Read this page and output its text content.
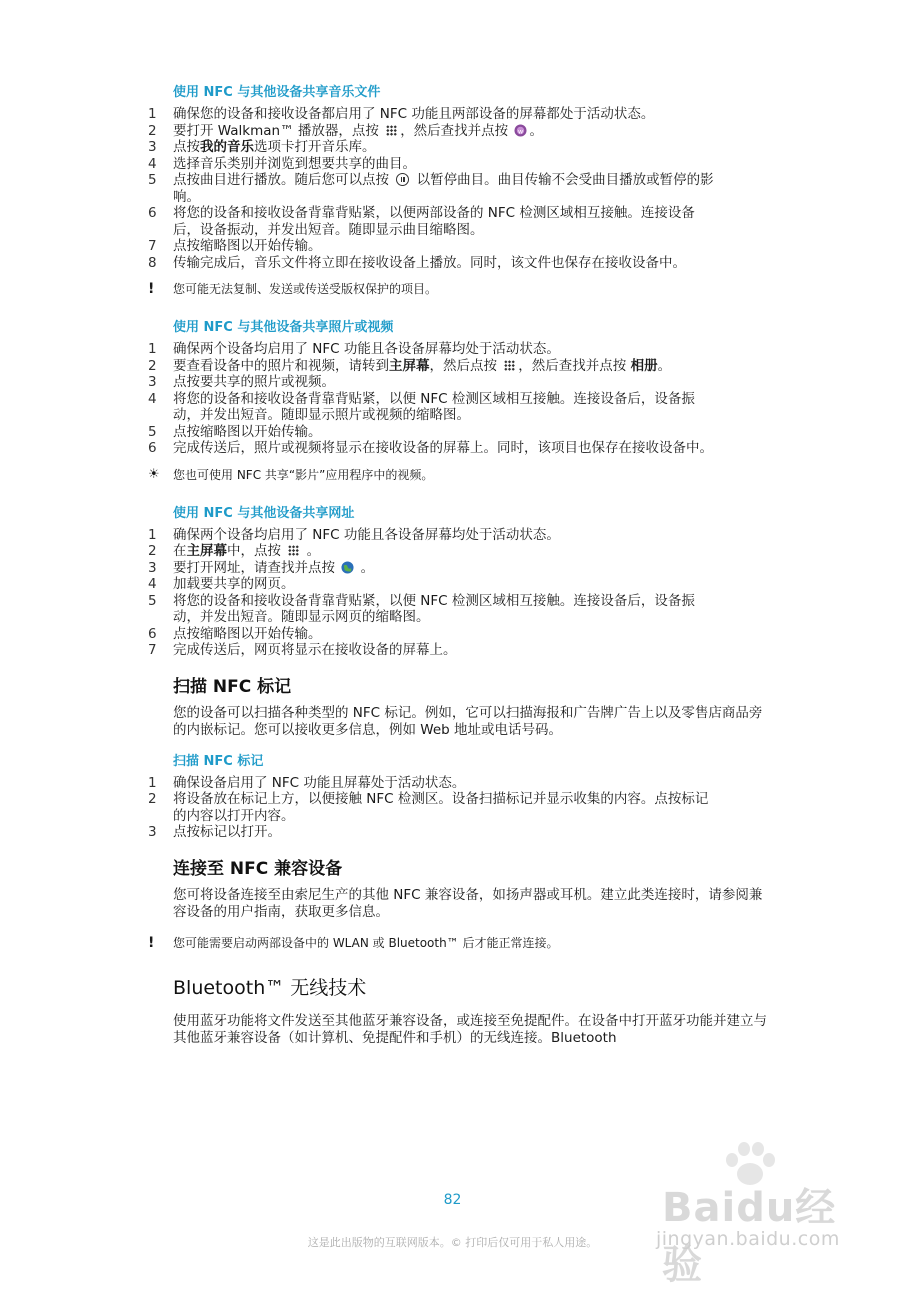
使用 NFC 与其他设备共享音乐文件
1	确保您的设备和接收设备都启用了 NFC 功能且两部设备的屏幕都处于活动状态。
2	要打开 Walkman™ 播放器，点按 ，然后查找并点按 w 。
3	点按我的音乐选项卡打开音乐库。
4	选择音乐类别并浏览到想要共享的曲目。
5	点按曲目进行播放。随后您可以点按  以暂停曲目。曲目传输不会受曲目播放或暂停的影响。
6	将您的设备和接收设备背靠背贴紧，以便两部设备的 NFC 检测区域相互接触。连接设备后，设备振动，并发出短音。随即显示曲目缩略图。
7	点按缩略图以开始传输。
8	传输完成后，音乐文件将立即在接收设备上播放。同时，该文件也保存在接收设备中。
!	您可能无法复制、发送或传送受版权保护的项目。
使用 NFC 与其他设备共享照片或视频
1	确保两个设备均启用了 NFC 功能且各设备屏幕均处于活动状态。
2	要查看设备中的照片和视频，请转到主屏幕，然后点按 ，然后查找并点按 相册。
3	点按要共享的照片或视频。
4	将您的设备和接收设备背靠背贴紧，以便 NFC 检测区域相互接触。连接设备后，设备振动，并发出短音。随即显示照片或视频的缩略图。
5	点按缩略图以开始传输。
6	完成传送后，照片或视频将显示在接收设备的屏幕上。同时，该项目也保存在接收设备中。
☀	您也可使用 NFC 共享“影片”应用程序中的视频。
使用 NFC 与其他设备共享网址
1	确保两个设备均启用了 NFC 功能且各设备屏幕均处于活动状态。
2	在主屏幕中，点按  。
3	要打开网址，请查找并点按  。
4	加载要共享的网页。
5	将您的设备和接收设备背靠背贴紧，以便 NFC 检测区域相互接触。连接设备后，设备振动，并发出短音。随即显示网页的缩略图。
6	点按缩略图以开始传输。
7	完成传送后，网页将显示在接收设备的屏幕上。
扫描 NFC 标记
您的设备可以扫描各种类型的 NFC 标记。例如，它可以扫描海报和广告牌广告上以及零售店商品旁的内嵌标记。您可以接收更多信息，例如 Web 地址或电话号码。
扫描 NFC 标记
1	确保设备启用了 NFC 功能且屏幕处于活动状态。
2	将设备放在标记上方，以便接触 NFC 检测区。设备扫描标记并显示收集的内容。点按标记的内容以打开内容。
3	点按标记以打开。
连接至 NFC 兼容设备
您可将设备连接至由索尼生产的其他 NFC 兼容设备，如扬声器或耳机。建立此类连接时，请参阅兼容设备的用户指南，获取更多信息。
!	您可能需要启动两部设备中的 WLAN 或 Bluetooth™ 后才能正常连接。
Bluetooth™ 无线技术
使用蓝牙功能将文件发送至其他蓝牙兼容设备，或连接至免提配件。在设备中打开蓝牙功能并建立与其他蓝牙兼容设备（如计算机、免提配件和手机）的无线连接。Bluetooth
82
这是此出版物的互联网版本。© 打印后仅可用于私人用途。
Baidu经验
jingyan.baidu.com
